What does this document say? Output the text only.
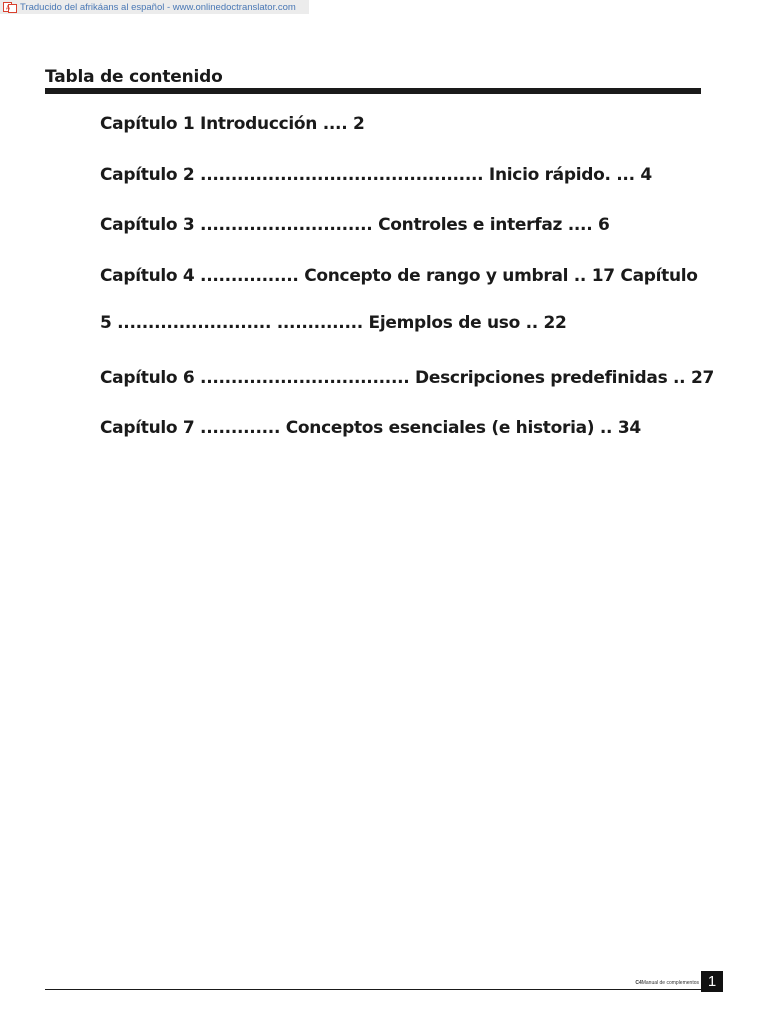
A Traducido del afrikáans al español - www.onlinedoctranslator.com
Tabla de contenido
Capítulo 1 Introducción .... 2
Capítulo 2 .............................................. Inicio rápido. ... 4
Capítulo 3 ............................ Controles e interfaz .... 6
Capítulo 4 ................ Concepto de rango y umbral .. 17 Capítulo
5 ......................... .............. Ejemplos de uso .. 22
Capítulo 6 .................................. Descripciones predefinidas .. 27
Capítulo 7 ............. Conceptos esenciales (e historia) .. 34
C4Manual de complementos 1
